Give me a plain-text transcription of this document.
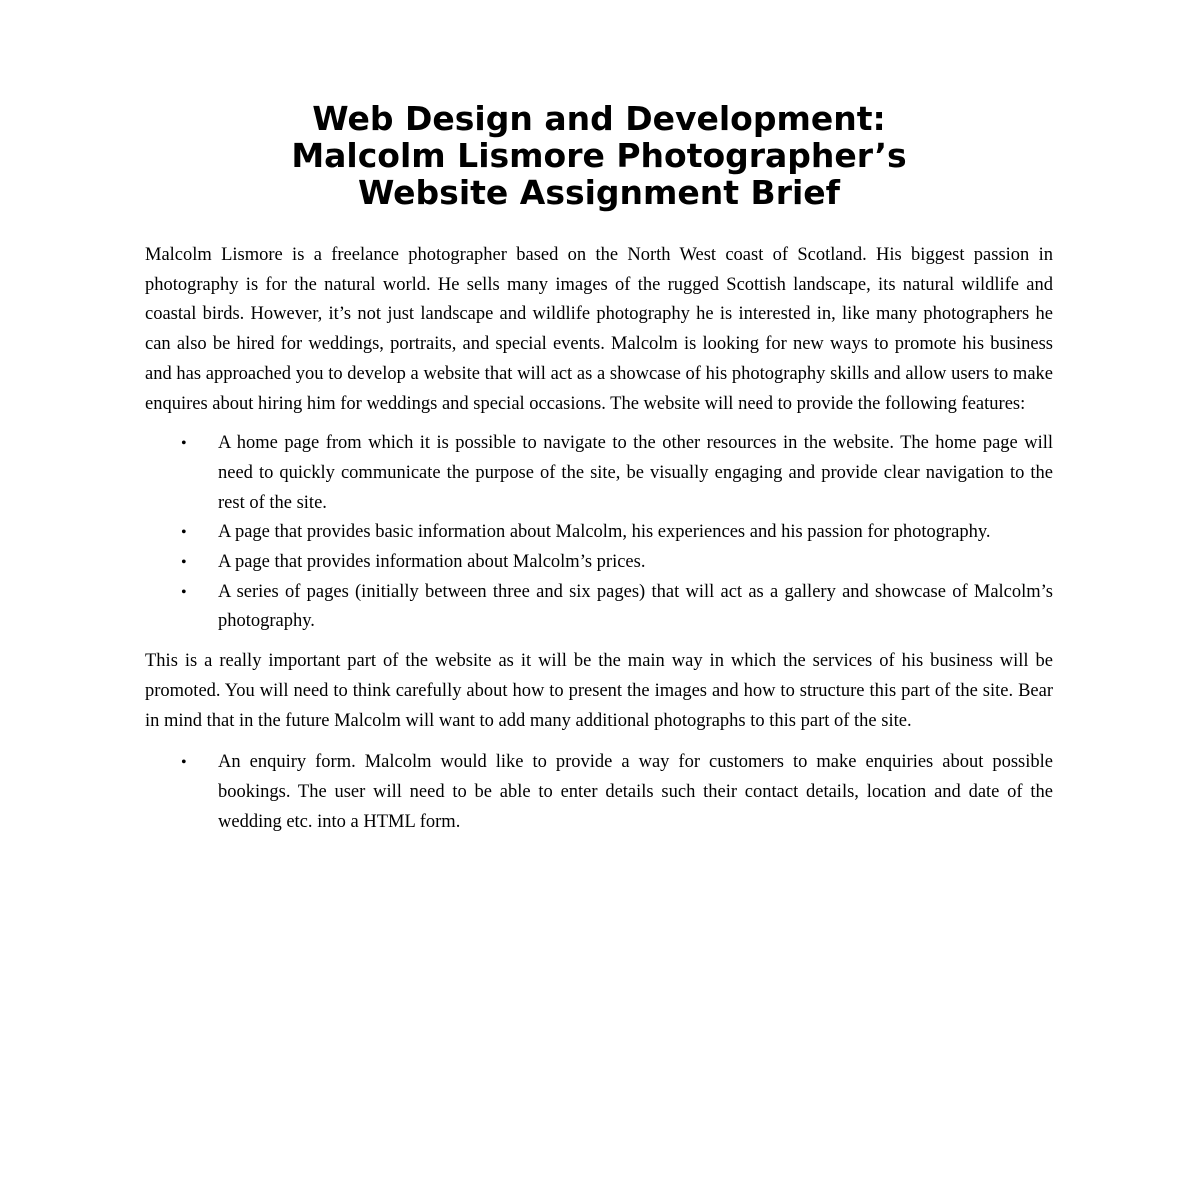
Web Design and Development:
Malcolm Lismore Photographer’s
Website Assignment Brief

Malcolm Lismore is a freelance photographer based on the North West coast of Scotland. His biggest passion in photography is for the natural world. He sells many images of the rugged Scottish landscape, its natural wildlife and coastal birds. However, it’s not just landscape and wildlife photography he is interested in, like many photographers he can also be hired for weddings, portraits, and special events. Malcolm is looking for new ways to promote his business and has approached you to develop a website that will act as a showcase of his photography skills and allow users to make enquires about hiring him for weddings and special occasions. The website will need to provide the following features:

• A home page from which it is possible to navigate to the other resources in the website. The home page will need to quickly communicate the purpose of the site, be visually engaging and provide clear navigation to the rest of the site.
• A page that provides basic information about Malcolm, his experiences and his passion for photography.
• A page that provides information about Malcolm’s prices.
• A series of pages (initially between three and six pages) that will act as a gallery and showcase of Malcolm’s photography.

This is a really important part of the website as it will be the main way in which the services of his business will be promoted. You will need to think carefully about how to present the images and how to structure this part of the site. Bear in mind that in the future Malcolm will want to add many additional photographs to this part of the site.

• An enquiry form. Malcolm would like to provide a way for customers to make enquiries about possible bookings. The user will need to be able to enter details such their contact details, location and date of the wedding etc. into a HTML form.
